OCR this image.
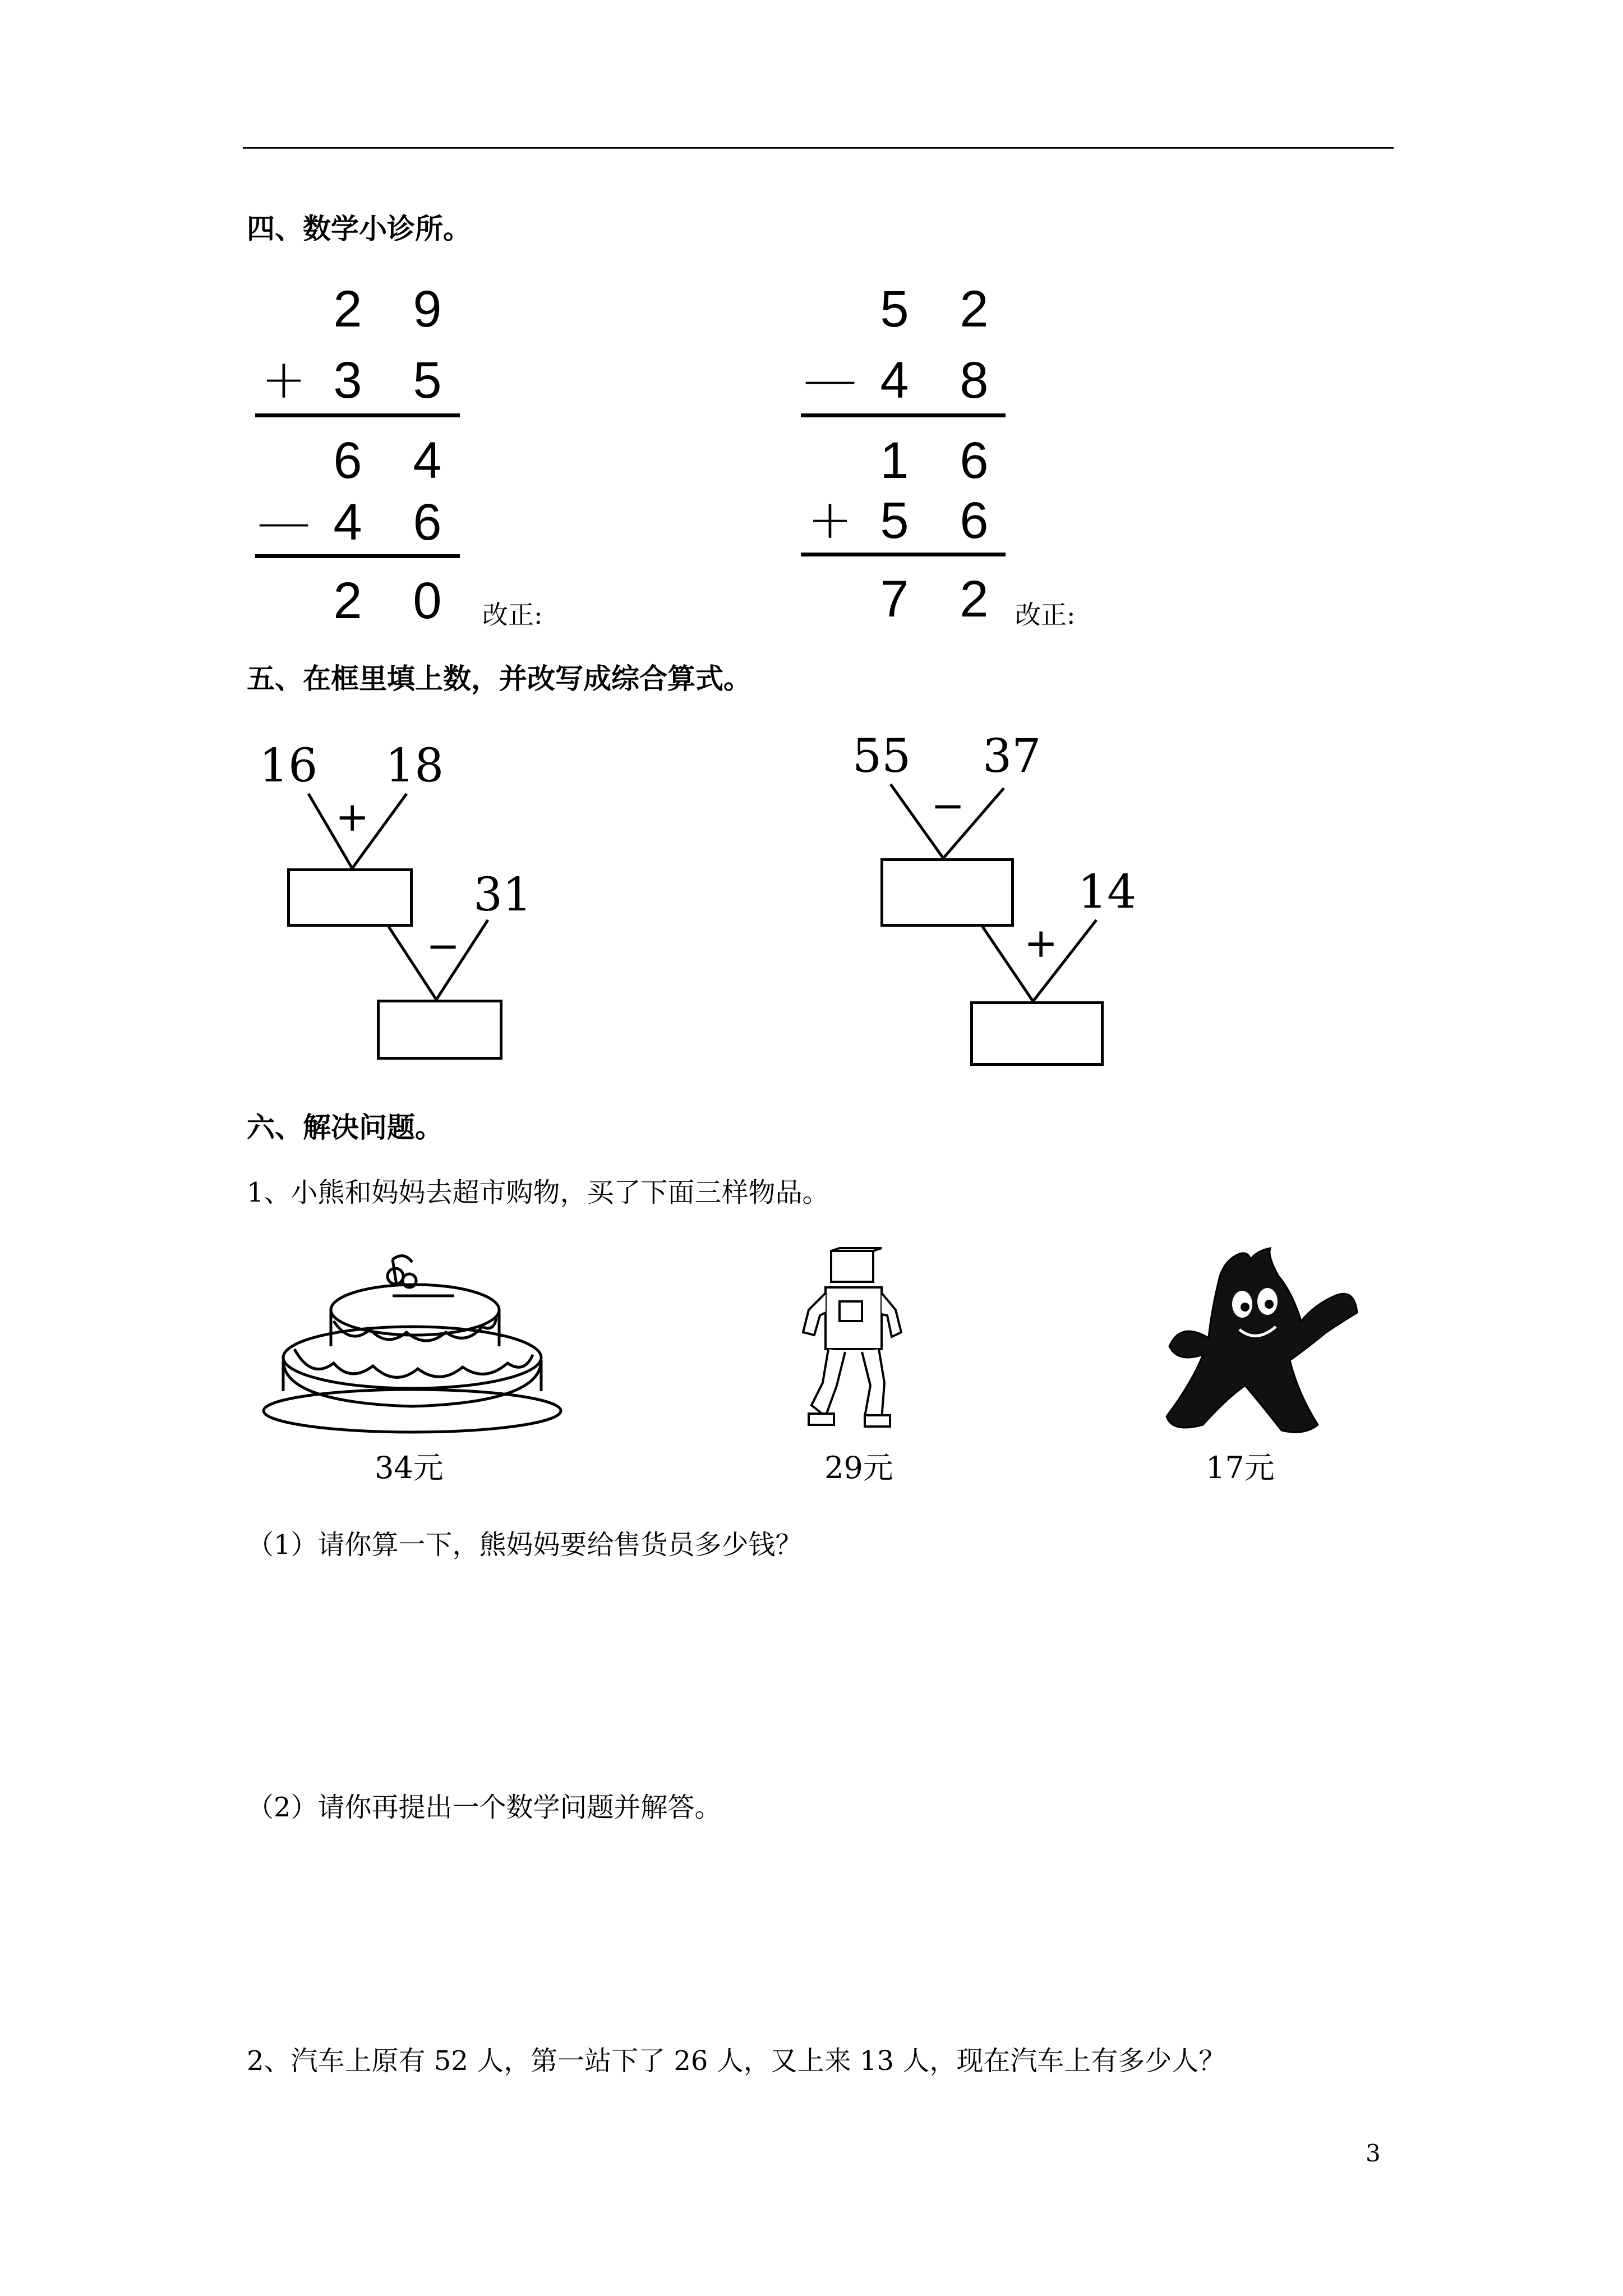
四、数学小诊所。
2 9
+ 3 5
6 4
— 4 6
2 0	改正:
5 2
— 4 8
1 6
+ 5 6
7 2	改正:
五、在框里填上数，并改写成综合算式。
16 18
31
+
−
55 37
14
−
+
六、解决问题。
1、小熊和妈妈去超市购物，买了下面三样物品。
34元	29元	17元
（1）请你算一下，熊妈妈要给售货员多少钱？
（2）请你再提出一个数学问题并解答。
2、汽车上原有 52 人，第一站下了 26 人，又上来 13 人，现在汽车上有多少人？
3
